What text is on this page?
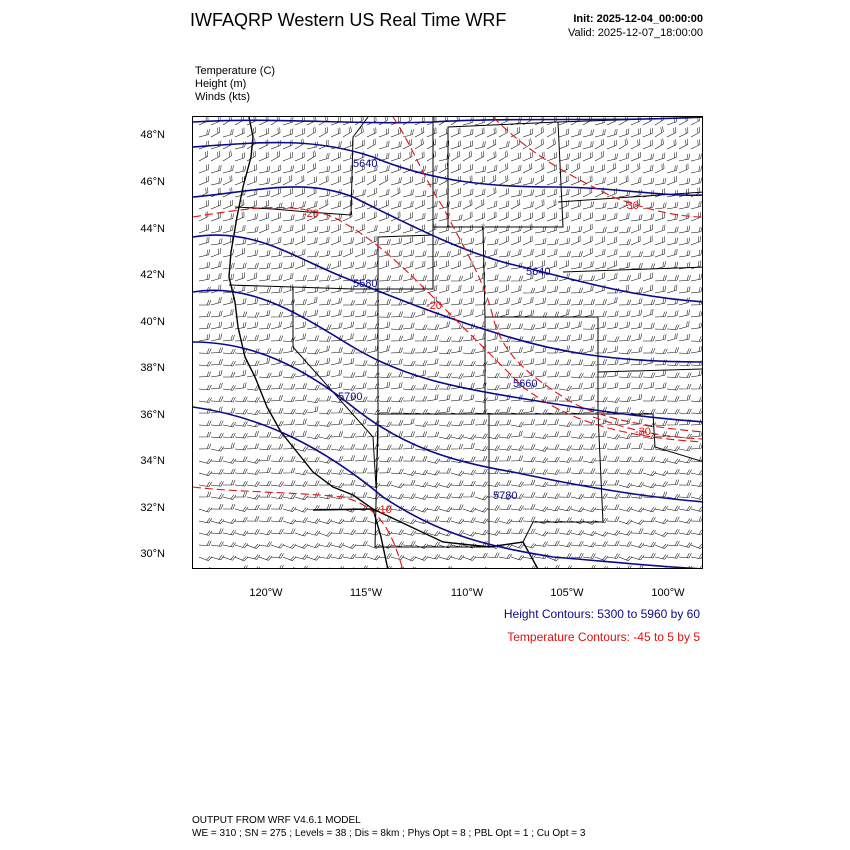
IWFAQRP Western US Real Time WRF	Init: 2025-12-04_00:00:00
Valid: 2025-12-07_18:00:00
Temperature (C)
Height (m)
Winds (kts)
5640
5640
5580
5660
5700
5780
-30
-20
-20
-30
-10
48°N
46°N
44°N
42°N
40°N
38°N
36°N
34°N
32°N
30°N
120°W	115°W	110°W	105°W	100°W
Height Contours: 5300 to 5960 by 60
Temperature Contours: -45 to 5 by 5
OUTPUT FROM WRF V4.6.1 MODEL
WE = 310 ; SN = 275 ; Levels = 38 ; Dis = 8km ; Phys Opt = 8 ; PBL Opt = 1 ; Cu Opt = 3
